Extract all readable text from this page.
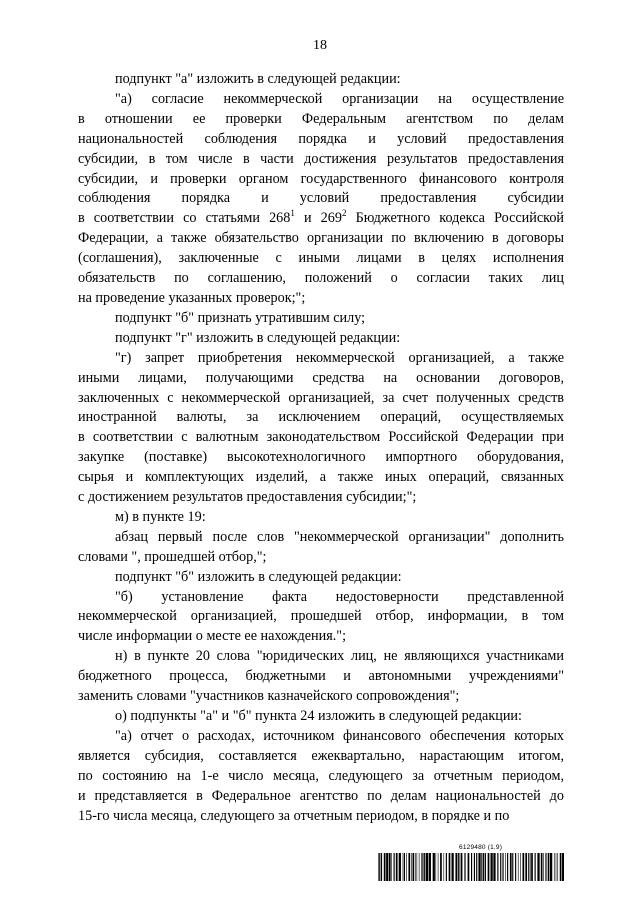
18
подпункт "а" изложить в следующей редакции:
"а) согласие некоммерческой организации на осуществление
в отношении ее проверки Федеральным агентством по делам
национальностей соблюдения порядка и условий предоставления
субсидии, в том числе в части достижения результатов предоставления
субсидии, и проверки органом государственного финансового контроля
соблюдения порядка и условий предоставления субсидии
в соответствии со статьями $268^1$ и $269^2$ Бюджетного кодекса Российской
Федерации, а также обязательство организации по включению в договоры
(соглашения), заключенные с иными лицами в целях исполнения
обязательств по соглашению, положений о согласии таких лиц
на проведение указанных проверок;";
подпункт "б" признать утратившим силу;
подпункт "г" изложить в следующей редакции:
"г) запрет приобретения некоммерческой организацией, а также
иными лицами, получающими средства на основании договоров,
заключенных с некоммерческой организацией, за счет полученных средств
иностранной валюты, за исключением операций, осуществляемых
в соответствии с валютным законодательством Российской Федерации при
закупке (поставке) высокотехнологичного импортного оборудования,
сырья и комплектующих изделий, а также иных операций, связанных
с достижением результатов предоставления субсидии;";
м) в пункте 19:
абзац первый после слов "некоммерческой организации" дополнить
словами ", прошедшей отбор,";
подпункт "б" изложить в следующей редакции:
"б) установление факта недостоверности представленной
некоммерческой организацией, прошедшей отбор, информации, в том
числе информации о месте ее нахождения.";
н) в пункте 20 слова "юридических лиц, не являющихся участниками
бюджетного процесса, бюджетными и автономными учреждениями"
заменить словами "участников казначейского сопровождения";
о) подпункты "а" и "б" пункта 24 изложить в следующей редакции:
"а) отчет о расходах, источником финансового обеспечения которых
является субсидия, составляется ежеквартально, нарастающим итогом,
по состоянию на 1-е число месяца, следующего за отчетным периодом,
и представляется в Федеральное агентство по делам национальностей до
15-го числа месяца, следующего за отчетным периодом, в порядке и по
6129480 (1.9)
